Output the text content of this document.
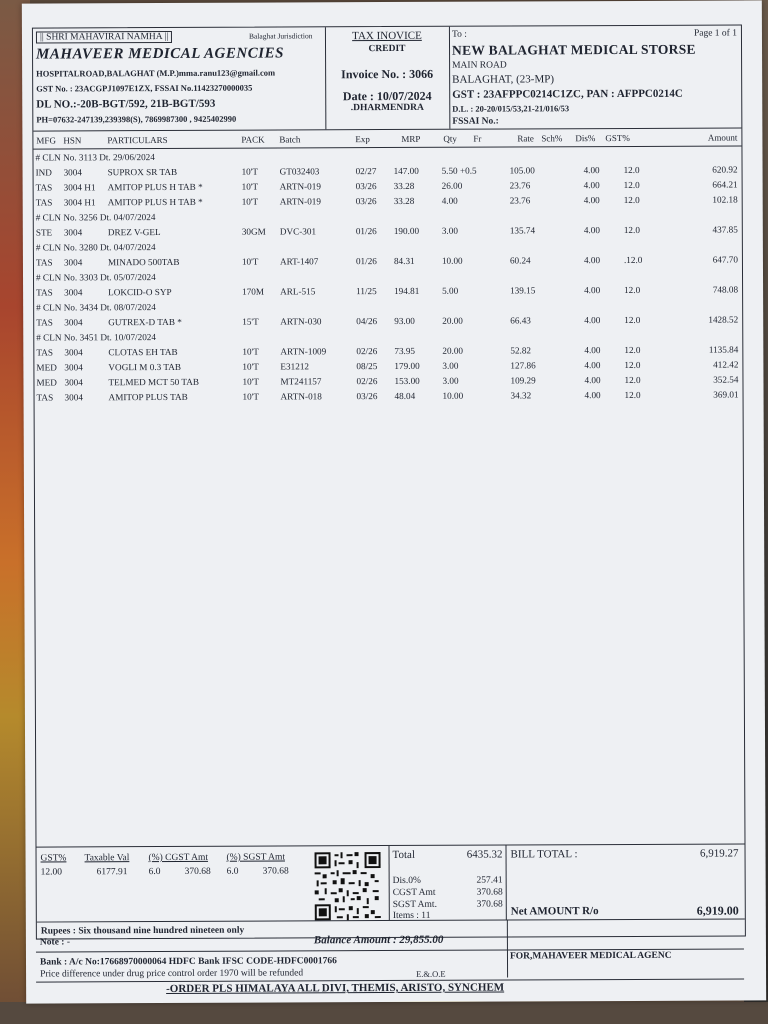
|| SHRI MAHAVIRAI NAMHA ||	Balaghat Jurisdiction
MAHAVEER MEDICAL AGENCIES
HOSPITALROAD,BALAGHAT (M.P.)mma.ranu123@gmail.com
GST No. : 23ACGPJ1097E1ZX, FSSAI No.11423270000035
DL NO.:-20B-BGT/592, 21B-BGT/593
PH=07632-247139,239398(S), 7869987300 , 9425402990
TAX INOVICE
CREDIT
Invoice No. : 3066
Date : 10/07/2024
.DHARMENDRA
To :	Page 1 of 1
NEW BALAGHAT MEDICAL STORSE
MAIN ROAD
BALAGHAT, (23-MP)
GST : 23AFPPC0214C1ZC, PAN : AFPPC0214C
D.L. : 20-20/015/53,21-21/016/53
FSSAI No.:
MFG HSN	PARTICULARS	PACK Batch	Exp	MRP	Qty Fr	Rate Sch% Dis% GST%	Amount
# CLN No. 3113 Dt. 29/06/2024
IND 3004	SUPROX SR TAB	10'T GT032403	02/27 147.00 5.50 +0.5	105.00	4.00	12.0	620.92
TAS 3004 H1 AMITOP PLUS H TAB *	10'T ARTN-019	03/26 33.28	26.00	23.76	4.00	12.0	664.21
TAS 3004 H1 AMITOP PLUS H TAB *	10'T ARTN-019	03/26 33.28	4.00	23.76	4.00	12.0	102.18
# CLN No. 3256 Dt. 04/07/2024
STE 3004	DREZ V-GEL	30GM DVC-301	01/26 190.00 3.00	135.74	4.00	12.0	437.85
# CLN No. 3280 Dt. 04/07/2024
TAS 3004	MINADO 500TAB	10'T ART-1407	01/26 84.31	10.00	60.24	4.00	.12.0	647.70
# CLN No. 3303 Dt. 05/07/2024
TAS 3004	LOKCID-O SYP	170M ARL-515	11/25 194.81 5.00	139.15	4.00	12.0	748.08
# CLN No. 3434 Dt. 08/07/2024
TAS 3004	GUTREX-D TAB *	15'T ARTN-030	04/26 93.00	20.00	66.43	4.00	12.0	1428.52
# CLN No. 3451 Dt. 10/07/2024
TAS 3004	CLOTAS EH TAB	10'T ARTN-1009	02/26 73.95	20.00	52.82	4.00	12.0	1135.84
MED 3004	VOGLI M 0.3 TAB	10'T E31212	08/25 179.00 3.00	127.86	4.00	12.0	412.42
MED 3004	TELMED MCT 50 TAB	10'T MT241157	02/26 153.00 3.00	109.29	4.00	12.0	352.54
TAS 3004	AMITOP PLUS TAB	10'T ARTN-018	03/26 48.04	10.00	34.32	4.00	12.0	369.01
GST% Taxable Val (%) CGST Amt (%) SGST Amt
12.00	6177.91 6.0	370.68 6.0	370.68
Total	6435.32
Dis.0%	257.41
CGST Amt	370.68
SGST Amt.	370.68
Items : 11
BILL TOTAL :	6,919.27
Net AMOUNT R/o	6,919.00
Rupees : Six thousand nine hundred nineteen only
Note : -	Balance Amount : 29,855.00
Bank : A/c No:17668970000064 HDFC Bank IFSC CODE-HDFC0001766
FOR,MAHAVEER MEDICAL AGENC
Price difference under drug price control order 1970 will be refunded	E.&.O.E
-ORDER PLS HIMALAYA ALL DIVI, THEMIS, ARISTO, SYNCHEM
